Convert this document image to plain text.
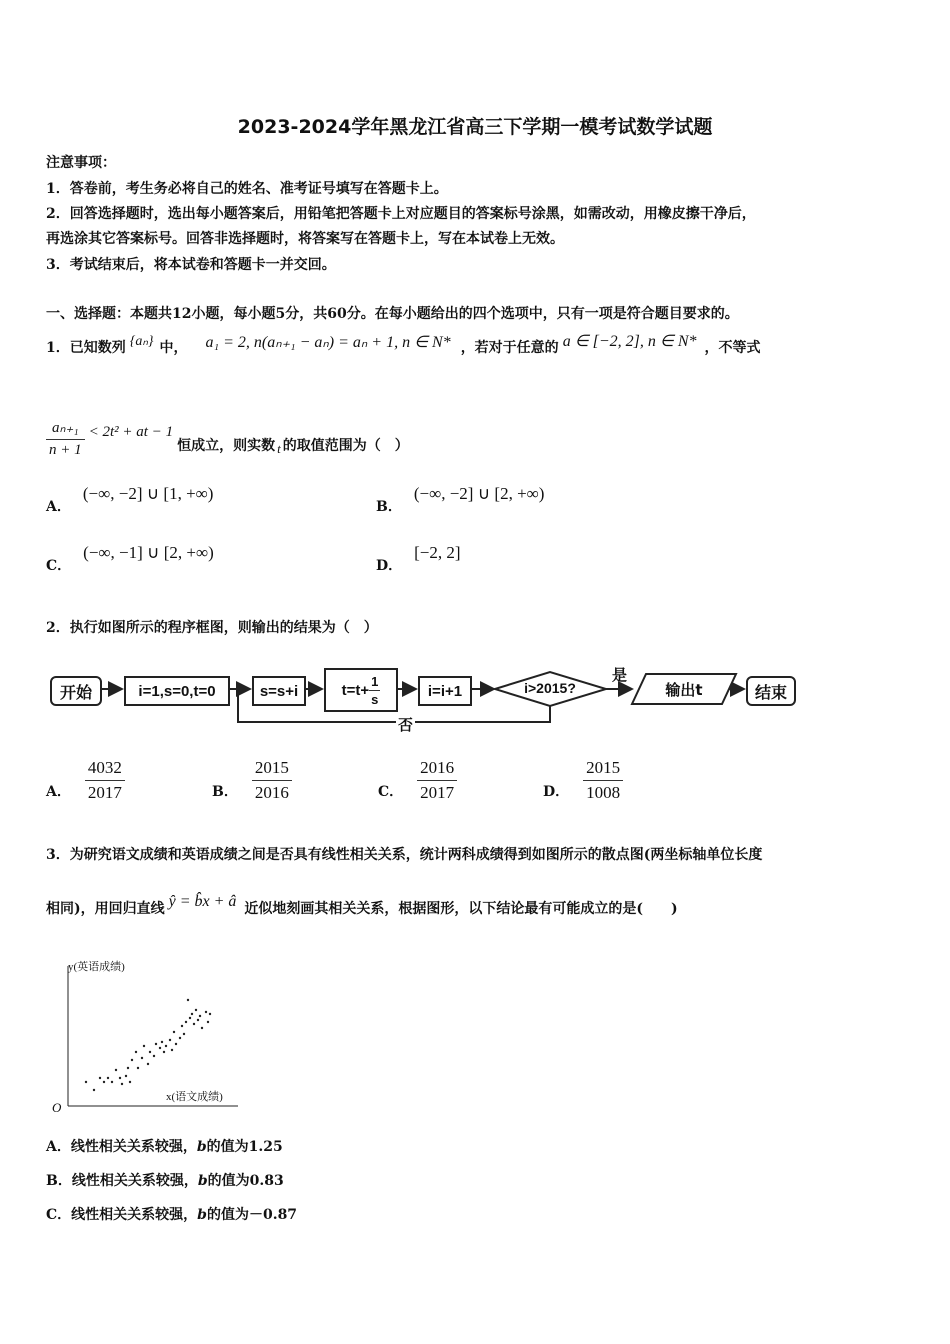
2023-2024学年黑龙江省高三下学期一模考试数学试题
注意事项：
1．答卷前，考生务必将自己的姓名、准考证号填写在答题卡上。
2．回答选择题时，选出每小题答案后，用铅笔把答题卡上对应题目的答案标号涂黑，如需改动，用橡皮擦干净后，
再选涂其它答案标号。回答非选择题时，将答案写在答题卡上，写在本试卷上无效。
3．考试结束后，将本试卷和答题卡一并交回。
一、选择题：本题共12小题，每小题5分，共60分。在每小题给出的四个选项中，只有一项是符合题目要求的。
1．已知数列 {aₙ} 中， a₁ = 2, n(aₙ₊₁ − aₙ) = aₙ + 1, n ∈ N* ，若对于任意的 a ∈ [−2, 2], n ∈ N* ，不等式
$\frac{\text{aₙ₊₁}}{n + 1} < 2t^2$ + at − 1
恒成立，则实数 t 的取值范围为（　）
A．
(−∞, −2] ∪ [1, +∞)
B．
(−∞, −2] ∪ [2, +∞)
C．
(−∞, −1] ∪ [2, +∞)
D．
[−2, 2]
2．执行如图所示的程序框图，则输出的结果为（　）
开始	i=1,s=0,t=0	s=s+i	$t=t+ \frac{1}{s}$	i=i+1	i>2015?
是
否
输出t	结束
A． $\frac{4032}{2017}$	B． $\frac{2015}{2016}$	C． $\frac{2016}{2017}$	D． $\frac{2015}{1008}$
3．为研究语文成绩和英语成绩之间是否具有线性相关关系，统计两科成绩得到如图所示的散点图(两坐标轴单位长度
相同)，用回归直线 ŷ = b̂x + â 近似地刻画其相关关系，根据图形，以下结论最有可能成立的是(　　)
y(英语成绩)
x(语文成绩)
O
A．线性相关关系较强，b的值为1.25
B．线性相关关系较强，b的值为0.83
C．线性相关关系较强，b的值为－0.87
